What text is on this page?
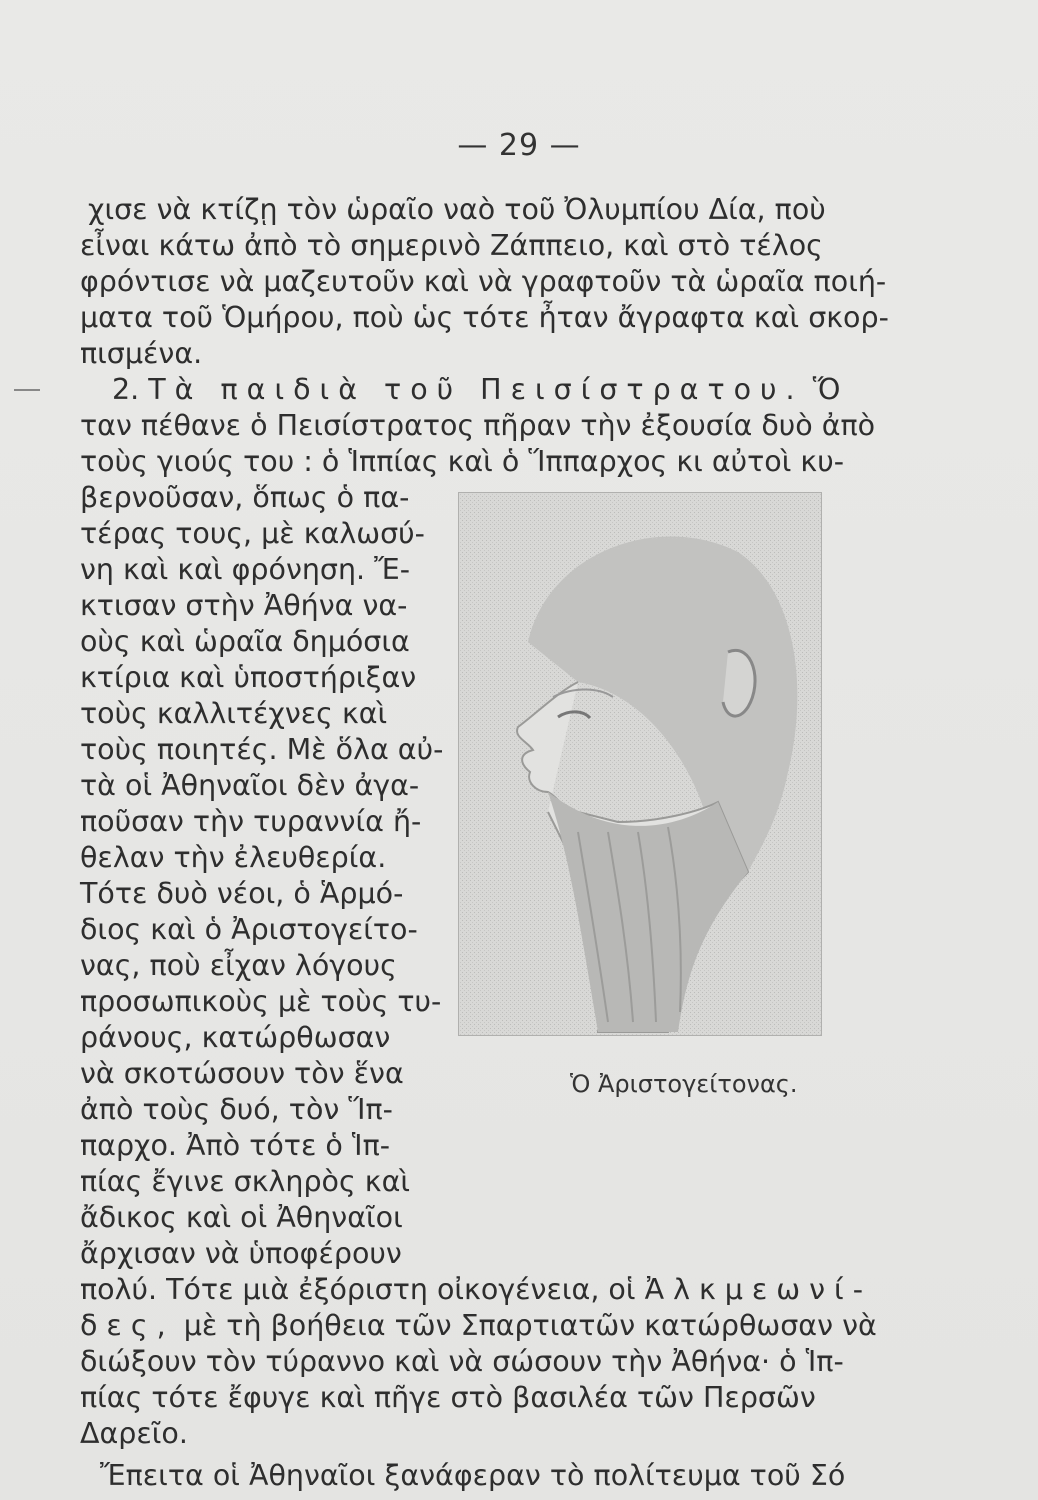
— 29 —
χισε νὰ κτίζῃ τὸν ὡραῖο ναὸ τοῦ Ὀλυμπίου Δία, ποὺ
εἶναι κάτω ἀπὸ τὸ σημερινὸ Ζάππειο, καὶ στὸ τέλος
φρόντισε νὰ μαζευτοῦν καὶ νὰ γραφτοῦν τὰ ὡραῖα ποιή-
ματα τοῦ Ὁμήρου, ποὺ ὡς τότε ἦταν ἄγραφτα καὶ σκορ-
πισμένα.
2. Τὰ παιδιὰ τοῦ Πεισίστρατου. Ὅ
ταν πέθανε ὁ Πεισίστρατος πῆραν τὴν ἐξουσία δυὸ ἀπὸ
τοὺς γιούς του : ὁ Ἱππίας καὶ ὁ Ἵππαρχος κι αὐτοὶ κυ-
βερνοῦσαν, ὅπως ὁ πα-
τέρας τους, μὲ καλωσύ-
νη καὶ καὶ φρόνηση. Ἔ-
κτισαν στὴν Ἀθήνα να-
οὺς καὶ ὡραῖα δημόσια
κτίρια καὶ ὑποστήριξαν
τοὺς καλλιτέχνες καὶ
τοὺς ποιητές. Μὲ ὅλα αὐ-
τὰ οἱ Ἀθηναῖοι δὲν ἀγα-
ποῦσαν τὴν τυραννία ἤ-
θελαν τὴν ἐλευθερία.
Τότε δυὸ νέοι, ὁ Ἁρμό-
διος καὶ ὁ Ἀριστογείτο-
νας, ποὺ εἶχαν λόγους
προσωπικοὺς μὲ τοὺς τυ-
ράνους, κατώρθωσαν
νὰ σκοτώσουν τὸν ἕνα
ἀπὸ τοὺς δυό, τὸν Ἵπ-
παρχο. Ἀπὸ τότε ὁ Ἱπ-
πίας ἔγινε σκληρὸς καὶ
ἄδικος καὶ οἱ Ἀθηναῖοι
ἄρχισαν νὰ ὑποφέρουν
πολύ. Τότε μιὰ ἐξόριστη οἰκογένεια, οἱ Ἀλκμεωνί-
δες, μὲ τὴ βοήθεια τῶν Σπαρτιατῶν κατώρθωσαν νὰ
διώξουν τὸν τύραννο καὶ νὰ σώσουν τὴν Ἀθήνα· ὁ Ἱπ-
πίας τότε ἔφυγε καὶ πῆγε στὸ βασιλέα τῶν Περσῶν
Δαρεῖο.
Ἔπειτα οἱ Ἀθηναῖοι ξανάφεραν τὸ πολίτευμα τοῦ Σό
Ὁ Ἀριστογείτονας.
